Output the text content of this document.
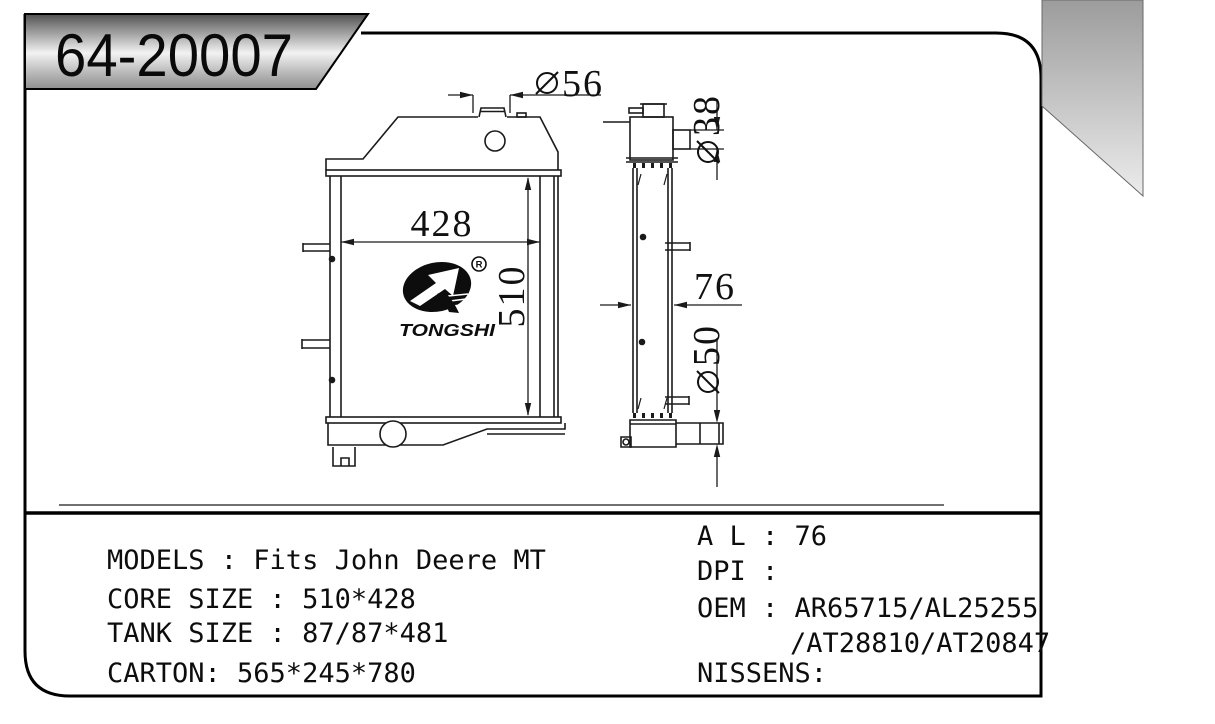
64-20007
428
510
56
76
38
50
R
TONGSHI
MODELS : Fits John Deere MT
CORE SIZE : 510*428
TANK SIZE : 87/87*481
CARTON: 565*245*780
A L : 76
DPI :
OEM : AR65715/AL25255
/AT28810/AT20847
NISSENS:
